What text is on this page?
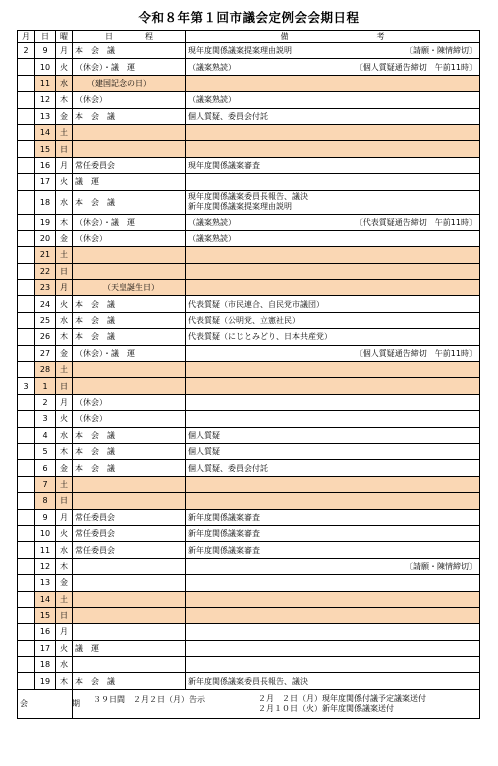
令和８年第１回市議会定例会会期日程
月	日	曜	日　　　　程	備　　　　　　　　　　　考
2	9	月	本　会　議	〔請願・陳情締切〕
現年度関係議案提案理由説明
	10	火	（休会）・議　運	〔個人質疑通告締切　午前11時〕
（議案熟読）
	11	水	　　（建国記念の日）	

	12	木	（休会）	（議案熟読）
	13	金	本　会　議	個人質疑、委員会付託
	14	土		

	15	日		

	16	月	常任委員会	現年度関係議案審査
	17	火	議　運	

	18	水	本　会　議	現年度関係議案委員長報告、議決
新年度関係議案提案理由説明
	19	木	（休会）・議　運	〔代表質疑通告締切　午前11時〕
（議案熟読）
	20	金	（休会）	（議案熟読）
	21	土		

	22	日		

	23	月	　　　　（天皇誕生日）	

	24	火	本　会　議	代表質疑（市民連合、自民党市議団）
	25	水	本　会　議	代表質疑（公明党、立憲社民）
	26	木	本　会　議	代表質疑（にじとみどり、日本共産党）
	27	金	（休会）・議　運	〔個人質疑通告締切　午前11時〕

	28	土		

3	1	日		

	2	月	（休会）	

	3	火	（休会）	

	4	水	本　会　議	個人質疑
	5	木	本　会　議	個人質疑
	6	金	本　会　議	個人質疑、委員会付託
	7	土		

	8	日		

	9	月	常任委員会	新年度関係議案審査
	10	火	常任委員会	新年度関係議案審査
	11	水	常任委員会	新年度関係議案審査
	12	木		〔請願・陳情締切〕

	13	金		

	14	土		

	15	日		

	16	月		

	17	火	議　運	

	18	水		

	19	木	本　会　議	新年度関係議案委員長報告、議決
会　期			３９日間　２月２日（月）告示 ２月　２日（月）現年度関係付議予定議案送付
２月１０日（火）新年度関係議案送付	
